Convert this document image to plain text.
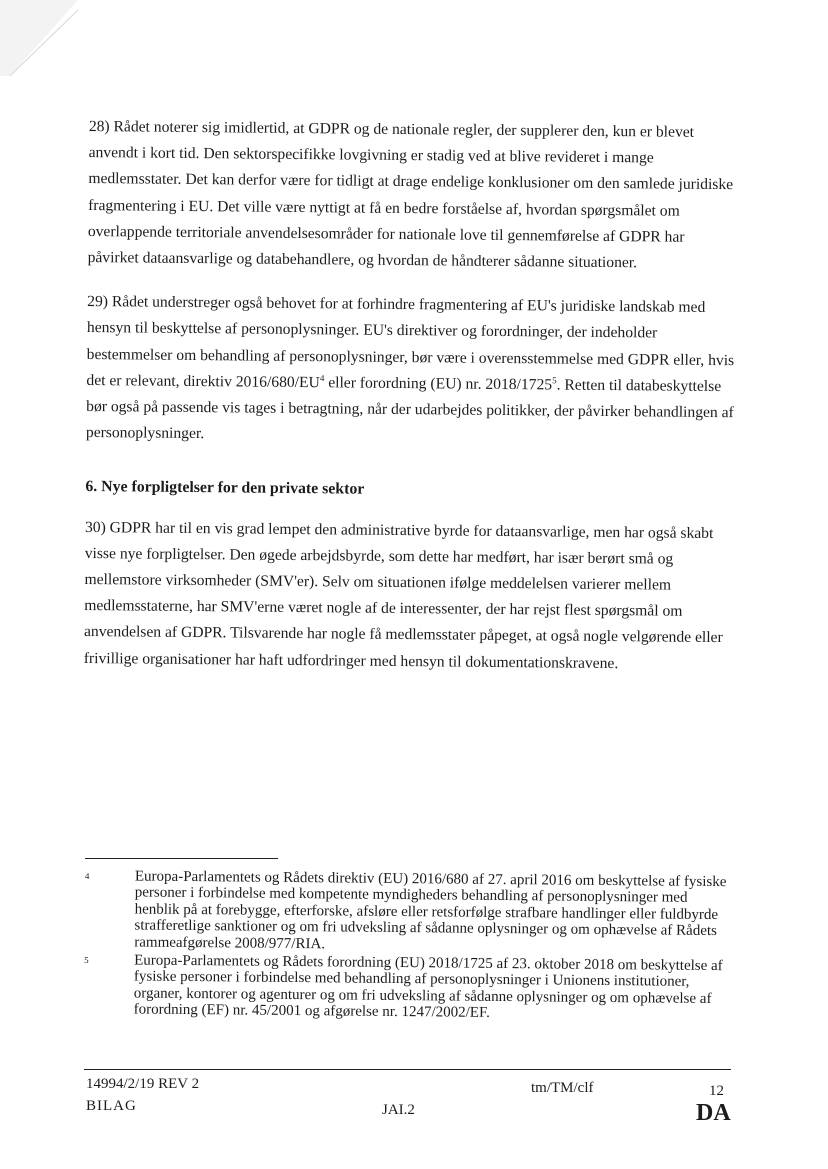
28) Rådet noterer sig imidlertid, at GDPR og de nationale regler, der supplerer den, kun er blevet anvendt i kort tid. Den sektorspecifikke lovgivning er stadig ved at blive revideret i mange medlemsstater. Det kan derfor være for tidligt at drage endelige konklusioner om den samlede juridiske fragmentering i EU. Det ville være nyttigt at få en bedre forståelse af, hvordan spørgsmålet om overlappende territoriale anvendelsesområder for nationale love til gennemførelse af GDPR har påvirket dataansvarlige og databehandlere, og hvordan de håndterer sådanne situationer.

29) Rådet understreger også behovet for at forhindre fragmentering af EU's juridiske landskab med hensyn til beskyttelse af personoplysninger. EU's direktiver og forordninger, der indeholder bestemmelser om behandling af personoplysninger, bør være i overensstemmelse med GDPR eller, hvis det er relevant, direktiv $2016/680/EU^4$ eller forordning (EU) nr. 2018/1725$^5$. Retten til databeskyttelse bør også på passende vis tages i betragtning, når der udarbejdes politikker, der påvirker behandlingen af personoplysninger.

6. Nye forpligtelser for den private sektor

30) GDPR har til en vis grad lempet den administrative byrde for dataansvarlige, men har også skabt visse nye forpligtelser. Den øgede arbejdsbyrde, som dette har medført, har især berørt små og mellemstore virksomheder (SMV'er). Selv om situationen ifølge meddelelsen varierer mellem medlemsstaterne, har SMV'erne været nogle af de interessenter, der har rejst flest spørgsmål om anvendelsen af GDPR. Tilsvarende har nogle få medlemsstater påpeget, at også nogle velgørende eller frivillige organisationer har haft udfordringer med hensyn til dokumentationskravene.

4	Europa-Parlamentets og Rådets direktiv (EU) 2016/680 af 27. april 2016 om beskyttelse af fysiske personer i forbindelse med kompetente myndigheders behandling af personoplysninger med henblik på at forebygge, efterforske, afsløre eller retsforfølge strafbare handlinger eller fuldbyrde strafferetlige sanktioner og om fri udveksling af sådanne oplysninger og om ophævelse af Rådets rammeafgørelse 2008/977/RIA.
5	Europa-Parlamentets og Rådets forordning (EU) 2018/1725 af 23. oktober 2018 om beskyttelse af fysiske personer i forbindelse med behandling af personoplysninger i Unionens institutioner, organer, kontorer og agenturer og om fri udveksling af sådanne oplysninger og om ophævelse af forordning (EF) nr. 45/2001 og afgørelse nr. 1247/2002/EF.
14994/2/19 REV 2
BILAG	JAI.2
tm/TM/clf	12
DA
